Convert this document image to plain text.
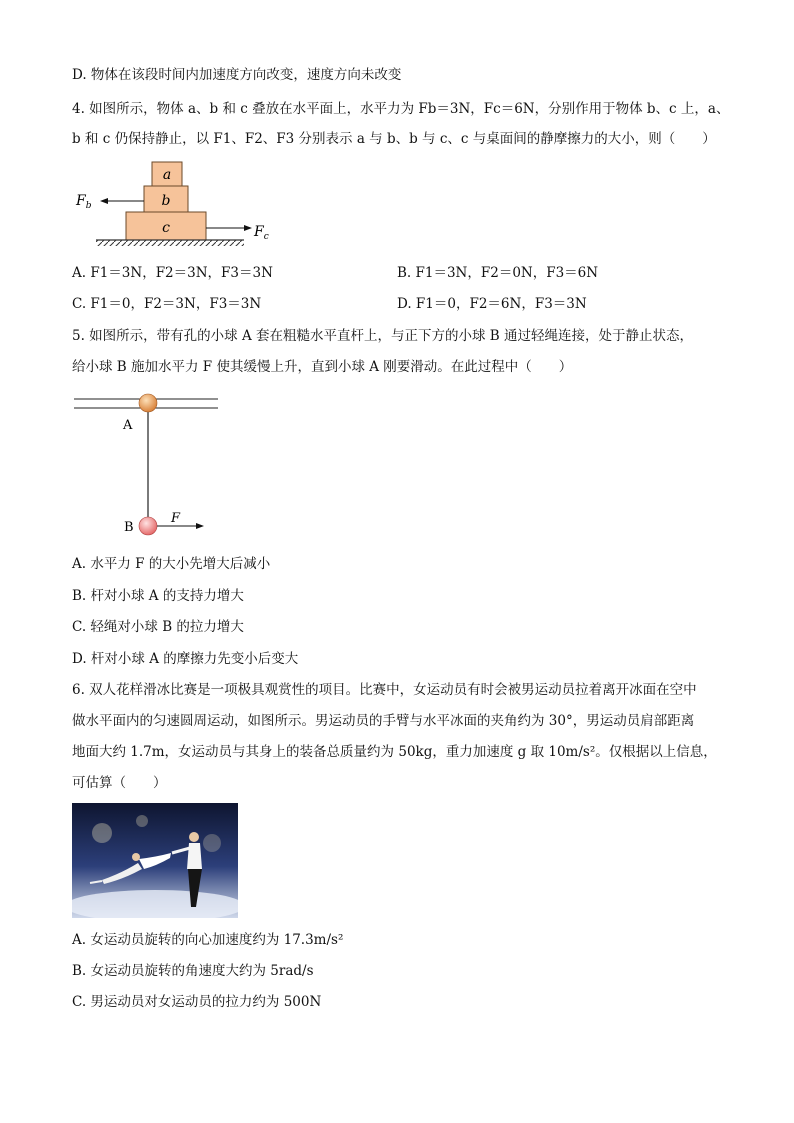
D. 物体在该段时间内加速度方向改变，速度方向未改变
4. 如图所示，物体 a、b 和 c 叠放在水平面上，水平力为 Fb＝3N，Fc＝6N，分别作用于物体 b、c 上，a、
b 和 c 仍保持静止，以 F1、F2、F3 分别表示 a 与 b、b 与 c、c 与桌面间的静摩擦力的大小，则（　　）
a
b
c
$F_b$
$F_c$
A. F1＝3N，F2＝3N，F3＝3N	B. F1＝3N，F2＝0N，F3＝6N
C. F1＝0，F2＝3N，F3＝3N	D. F1＝0，F2＝6N，F3＝3N
5. 如图所示，带有孔的小球 A 套在粗糙水平直杆上，与正下方的小球 B 通过轻绳连接，处于静止状态，
给小球 B 施加水平力 F 使其缓慢上升，直到小球 A 刚要滑动。在此过程中（　　）
A
B
F
A. 水平力 F 的大小先增大后减小
B. 杆对小球 A 的支持力增大
C. 轻绳对小球 B 的拉力增大
D. 杆对小球 A 的摩擦力先变小后变大
6. 双人花样滑冰比赛是一项极具观赏性的项目。比赛中，女运动员有时会被男运动员拉着离开冰面在空中
做水平面内的匀速圆周运动，如图所示。男运动员的手臂与水平冰面的夹角约为 30°，男运动员肩部距离
地面大约 1.7m，女运动员与其身上的装备总质量约为 50kg，重力加速度 g 取 10m/s²。仅根据以上信息，
可估算（　　）
A. 女运动员旋转的向心加速度约为 17.3m/s²
B. 女运动员旋转的角速度大约为 5rad/s
C. 男运动员对女运动员的拉力约为 500N
